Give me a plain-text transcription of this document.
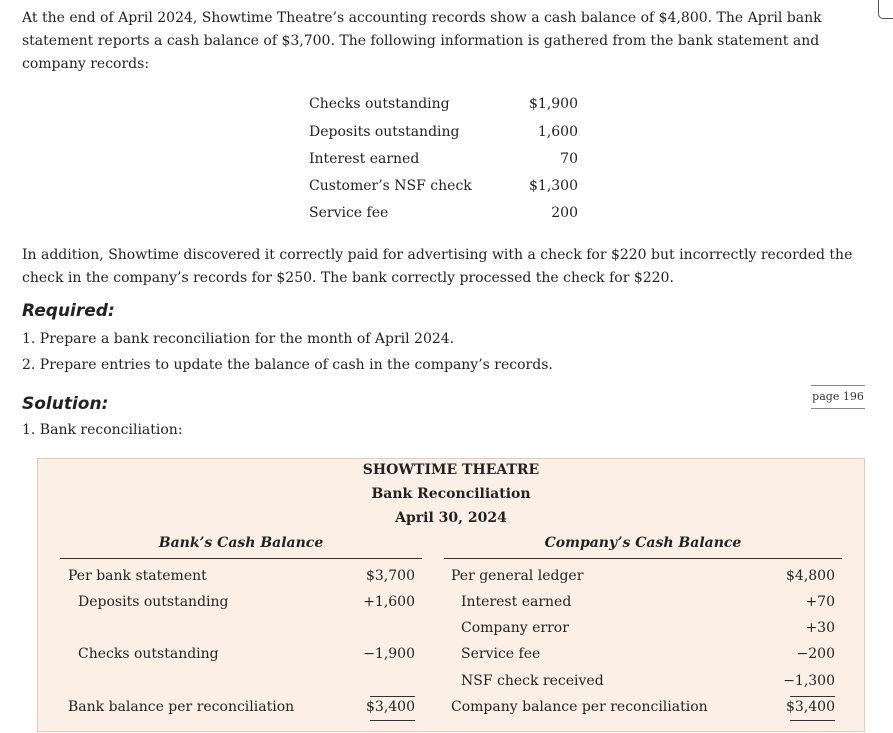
At the end of April 2024, Showtime Theatre’s accounting records show a cash balance of $4,800. The April bank statement reports a cash balance of $3,700. The following information is gathered from the bank statement and company records:
Checks outstanding	$1,900
Deposits outstanding	1,600
Interest earned	70
Customer’s NSF check	$1,300
Service fee	200
In addition, Showtime discovered it correctly paid for advertising with a check for $220 but incorrectly recorded the check in the company’s records for $250. The bank correctly processed the check for $220.
Required:
1. Prepare a bank reconciliation for the month of April 2024.
2. Prepare entries to update the balance of cash in the company’s records.
page 196
Solution:
1. Bank reconciliation:
SHOWTIME THEATRE
Bank Reconciliation
April 30, 2024
Bank’s Cash Balance	Company’s Cash Balance
Per bank statement	$3,700
Deposits outstanding	+1,600
Checks outstanding	−1,900
Bank balance per reconciliation	$3,400
Per general ledger	$4,800
Interest earned	+70
Company error	+30
Service fee	−200
NSF check received	−1,300
Company balance per reconciliation	$3,400
